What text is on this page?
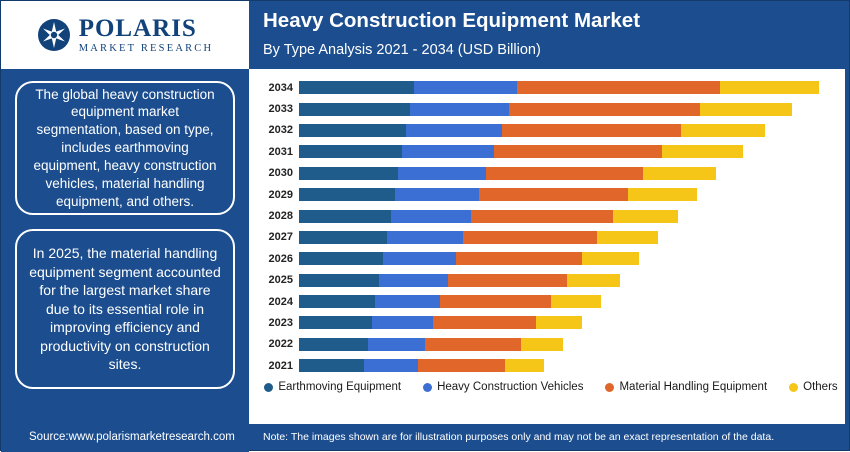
POLARIS
MARKET RESEARCH
The global heavy construction equipment market segmentation, based on type, includes earthmoving equipment, heavy construction vehicles, material handling equipment, and others.
In 2025, the material handling equipment segment accounted for the largest market share due to its essential role in improving efficiency and productivity on construction sites.
Source:www.polarismarketresearch.com
Heavy Construction Equipment Market
By Type Analysis 2021 - 2034 (USD Billion)
2034
2033
2032
2031
2030
2029
2028
2027
2026
2025
2024
2023
2022
2021
Earthmoving Equipment	Heavy Construction Vehicles	Material Handling Equipment	Others
Note: The images shown are for illustration purposes only and may not be an exact representation of the data.
